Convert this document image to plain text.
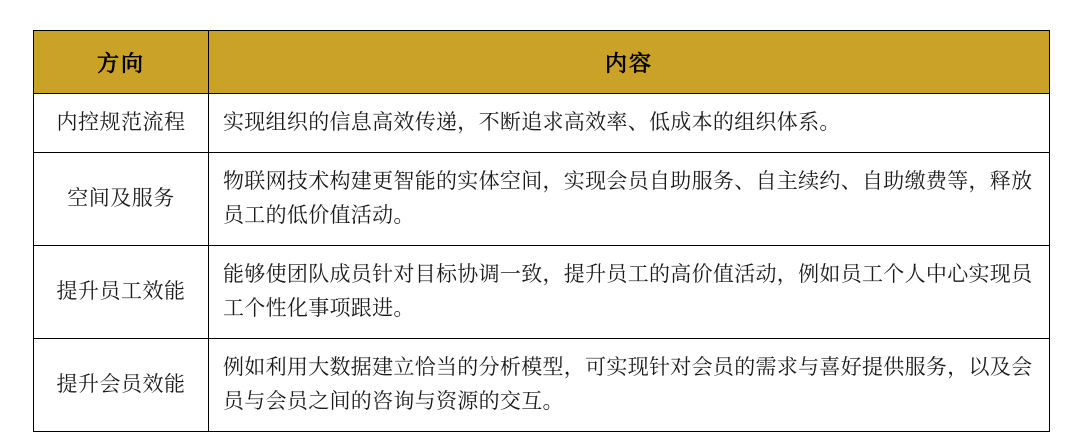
方向	内容
内控规范流程	实现组织的信息高效传递，不断追求高效率、低成本的组织体系。
空间及服务	物联网技术构建更智能的实体空间，实现会员自助服务、自主续约、自助缴费等，释放员工的低价值活动。
提升员工效能	能够使团队成员针对目标协调一致，提升员工的高价值活动，例如员工个人中心实现员工个性化事项跟进。
提升会员效能	例如利用大数据建立恰当的分析模型，可实现针对会员的需求与喜好提供服务，以及会员与会员之间的咨询与资源的交互。
